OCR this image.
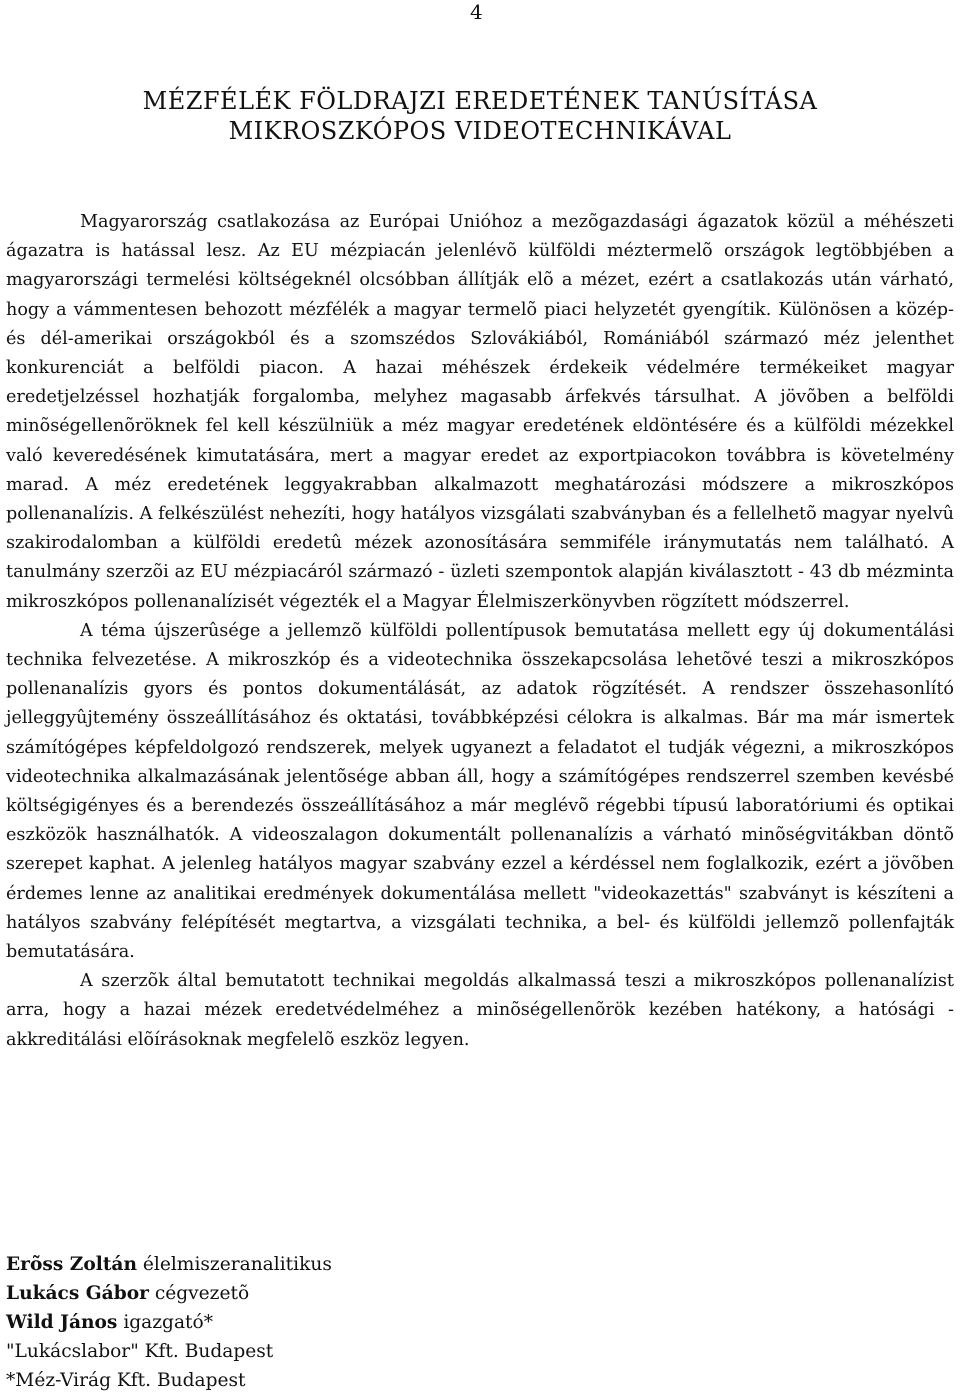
4
MÉZFÉLÉK FÖLDRAJZI EREDETÉNEK TANÚSÍTÁSA
MIKROSZKÓPOS VIDEOTECHNIKÁVAL

Magyarország csatlakozása az Európai Unióhoz a mezõgazdasági ágazatok közül a méhészeti ágazatra is hatással lesz. Az EU mézpiacán jelenlévõ külföldi méztermelõ országok legtöbbjében a magyarországi termelési költségeknél olcsóbban állítják elõ a mézet, ezért a csatlakozás után várható, hogy a vámmentesen behozott mézfélék a magyar termelõ piaci helyzetét gyengítik. Különösen a közép- és dél-amerikai országokból és a szomszédos Szlovákiából, Romániából származó méz jelenthet konkurenciát a belföldi piacon. A hazai méhészek érdekeik védelmére termékeiket magyar eredetjelzéssel hozhatják forgalomba, melyhez magasabb árfekvés társulhat. A jövõben a belföldi minõségellenõröknek fel kell készülniük a méz magyar eredetének eldöntésére és a külföldi mézekkel való keveredésének kimutatására, mert a magyar eredet az exportpiacokon továbbra is követelmény marad. A méz eredetének leggyakrabban alkalmazott meghatározási módszere a mikroszkópos pollenanalízis. A felkészülést nehezíti, hogy hatályos vizsgálati szabványban és a fellelhetõ magyar nyelvû szakirodalomban a külföldi eredetû mézek azonosítására semmiféle iránymutatás nem található. A tanulmány szerzõi az EU mézpiacáról származó - üzleti szempontok alapján kiválasztott - 43 db mézminta mikroszkópos pollenanalízisét végezték el a Magyar Élelmiszerkönyvben rögzített módszerrel.

A téma újszerûsége a jellemzõ külföldi pollentípusok bemutatása mellett egy új dokumentálási technika felvezetése. A mikroszkóp és a videotechnika összekapcsolása lehetõvé teszi a mikroszkópos pollenanalízis gyors és pontos dokumentálását, az adatok rögzítését. A rendszer összehasonlító jelleggyûjtemény összeállításához és oktatási, továbbképzési célokra is alkalmas. Bár ma már ismertek számítógépes képfeldolgozó rendszerek, melyek ugyanezt a feladatot el tudják végezni, a mikroszkópos videotechnika alkalmazásának jelentõsége abban áll, hogy a számítógépes rendszerrel szemben kevésbé költségigényes és a berendezés összeállításához a már meglévõ régebbi típusú laboratóriumi és optikai eszközök használhatók. A videoszalagon dokumentált pollenanalízis a várható minõségvitákban döntõ szerepet kaphat. A jelenleg hatályos magyar szabvány ezzel a kérdéssel nem foglalkozik, ezért a jövõben érdemes lenne az analitikai eredmények dokumentálása mellett "videokazettás" szabványt is készíteni a hatályos szabvány felépítését megtartva, a vizsgálati technika, a bel- és külföldi jellemzõ pollenfajták bemutatására.

A szerzõk által bemutatott technikai megoldás alkalmassá teszi a mikroszkópos pollenanalízist arra, hogy a hazai mézek eredetvédelméhez a minõségellenõrök kezében hatékony, a hatósági - akkreditálási elõírásoknak megfelelõ eszköz legyen.

Erõss Zoltán élelmiszeranalitikus
Lukács Gábor cégvezetõ
Wild János igazgató*
"Lukácslabor" Kft. Budapest
*Méz-Virág Kft. Budapest
